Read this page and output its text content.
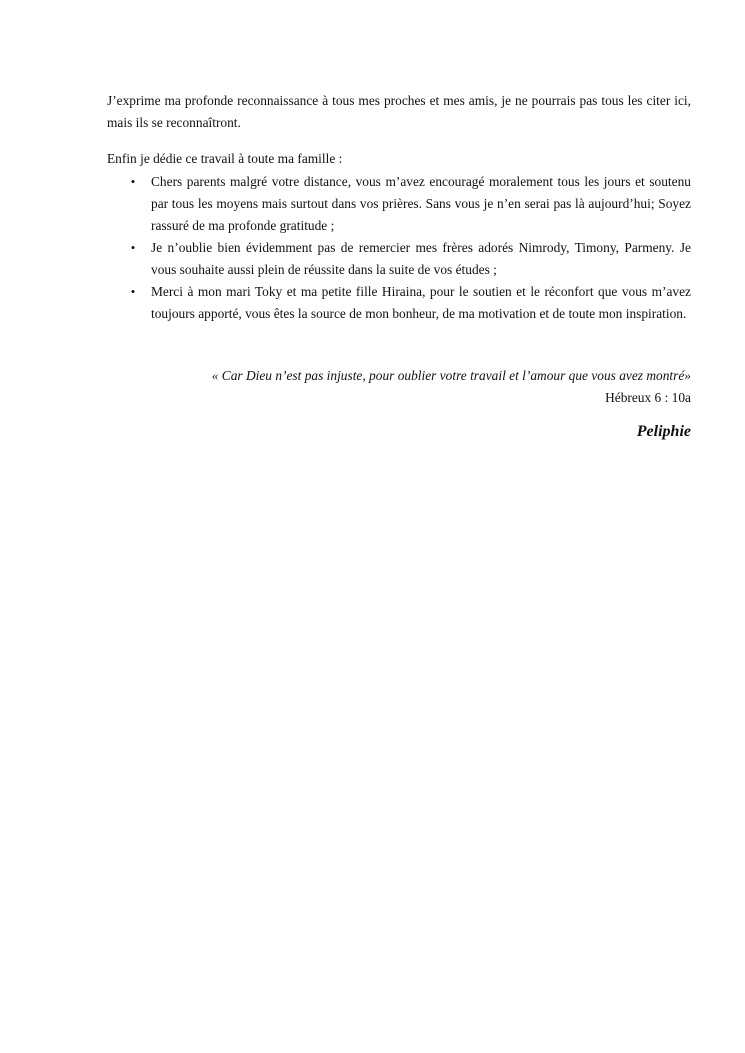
J’exprime ma profonde reconnaissance à tous mes proches et mes amis, je ne pourrais pas tous les citer ici, mais ils se reconnaîtront.

Enfin je dédie ce travail à toute ma famille :

• Chers parents malgré votre distance, vous m’avez encouragé moralement tous les jours et soutenu par tous les moyens mais surtout dans vos prières. Sans vous je n’en serai pas là aujourd’hui; Soyez rassuré de ma profonde gratitude ;
• Je n’oublie bien évidemment pas de remercier mes frères adorés Nimrody, Timony, Parmeny. Je vous souhaite aussi plein de réussite dans la suite de vos études ;
• Merci à mon mari Toky et ma petite fille Hiraina, pour le soutien et le réconfort que vous m’avez toujours apporté, vous êtes la source de mon bonheur, de ma motivation et de toute mon inspiration.

« Car Dieu n’est pas injuste, pour oublier votre travail et l’amour que vous avez montré»

Hébreux 6 : 10a

Peliphie
